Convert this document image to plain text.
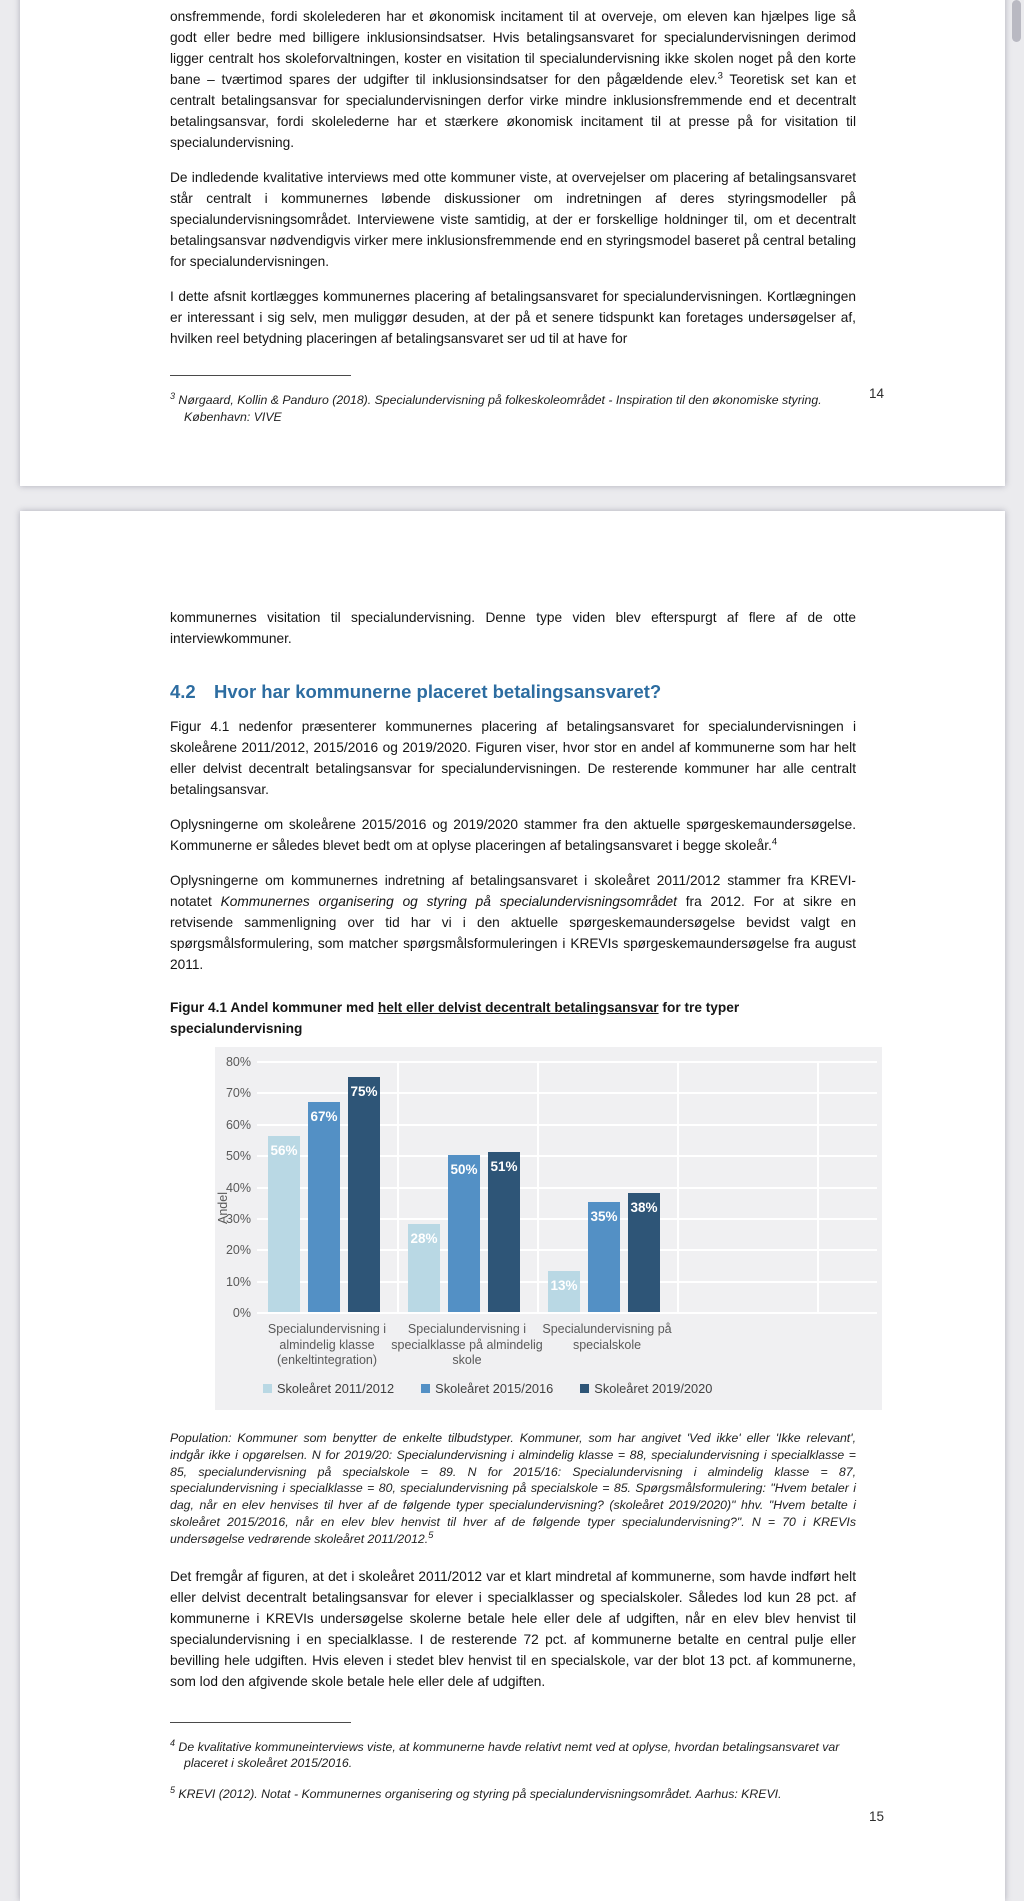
onsfremmende, fordi skolelederen har et økonomisk incitament til at overveje, om eleven kan hjælpes lige så godt eller bedre med billigere inklusionsindsatser. Hvis betalingsansvaret for specialundervisningen derimod ligger centralt hos skoleforvaltningen, koster en visitation til specialundervisning ikke skolen noget på den korte bane – tværtimod spares der udgifter til inklusionsindsatser for den pågældende elev.$^3$ Teoretisk set kan et centralt betalingsansvar for specialundervisningen derfor virke mindre inklusionsfremmende end et decentralt betalingsansvar, fordi skolelederne har et stærkere økonomisk incitament til at presse på for visitation til specialundervisning.

De indledende kvalitative interviews med otte kommuner viste, at overvejelser om placering af betalingsansvaret står centralt i kommunernes løbende diskussioner om indretningen af deres styringsmodeller på specialundervisningsområdet. Interviewene viste samtidig, at der er forskellige holdninger til, om et decentralt betalingsansvar nødvendigvis virker mere inklusionsfremmende end en styringsmodel baseret på central betaling for specialundervisningen.

I dette afsnit kortlægges kommunernes placering af betalingsansvaret for specialundervisningen. Kortlægningen er interessant i sig selv, men muliggør desuden, at der på et senere tidspunkt kan foretages undersøgelser af, hvilken reel betydning placeringen af betalingsansvaret ser ud til at have for

$^3$ Nørgaard, Kollin & Panduro (2018). Specialundervisning på folkeskoleområdet - Inspiration til den økonomiske styring. København: VIVE

14

kommunernes visitation til specialundervisning. Denne type viden blev efterspurgt af flere af de otte interviewkommuner.

4.2 Hvor har kommunerne placeret betalingsansvaret?

Figur 4.1 nedenfor præsenterer kommunernes placering af betalingsansvaret for specialundervisningen i skoleårene 2011/2012, 2015/2016 og 2019/2020. Figuren viser, hvor stor en andel af kommunerne som har helt eller delvist decentralt betalingsansvar for specialundervisningen. De resterende kommuner har alle centralt betalingsansvar.

Oplysningerne om skoleårene 2015/2016 og 2019/2020 stammer fra den aktuelle spørgeskemaundersøgelse. Kommunerne er således blevet bedt om at oplyse placeringen af betalingsansvaret i begge skoleår.$^4$

Oplysningerne om kommunernes indretning af betalingsansvaret i skoleåret 2011/2012 stammer fra KREVI-notatet Kommunernes organisering og styring på specialundervisningsområdet fra 2012. For at sikre en retvisende sammenligning over tid har vi i den aktuelle spørgeskemaundersøgelse bevidst valgt en spørgsmålsformulering, som matcher spørgsmålsformuleringen i KREVIs spørgeskemaundersøgelse fra august 2011.

Figur 4.1 Andel kommuner med helt eller delvist decentralt betalingsansvar for tre typer specialundervisning

0%
10%
20%
30%
40%
50%
60%
70%
80%
Andel
56%
67%
75%
Specialundervisning i almindelig klasse (enkeltintegration)
28%
50% 51%
Specialundervisning i specialklasse på almindelig skole
13%
35%
38%
Specialundervisning på specialskole
Skoleåret 2011/2012	Skoleåret 2015/2016	Skoleåret 2019/2020

Population: Kommuner som benytter de enkelte tilbudstyper. Kommuner, som har angivet 'Ved ikke' eller 'Ikke relevant', indgår ikke i opgørelsen. N for 2019/20: Specialundervisning i almindelig klasse = 88, specialundervisning i specialklasse = 85, specialundervisning på specialskole = 89. N for 2015/16: Specialundervisning i almindelig klasse = 87, specialundervisning i specialklasse = 80, specialundervisning på specialskole = 85. Spørgsmålsformulering: "Hvem betaler i dag, når en elev henvises til hver af de følgende typer specialundervisning? (skoleåret 2019/2020)" hhv. "Hvem betalte i skoleåret 2015/2016, når en elev blev henvist til hver af de følgende typer specialundervisning?". N = 70 i KREVIs undersøgelse vedrørende skoleåret 2011/2012.$^5$

Det fremgår af figuren, at det i skoleåret 2011/2012 var et klart mindretal af kommunerne, som havde indført helt eller delvist decentralt betalingsansvar for elever i specialklasser og specialskoler. Således lod kun 28 pct. af kommunerne i KREVIs undersøgelse skolerne betale hele eller dele af udgiften, når en elev blev henvist til specialundervisning i en specialklasse. I de resterende 72 pct. af kommunerne betalte en central pulje eller bevilling hele udgiften. Hvis eleven i stedet blev henvist til en specialskole, var der blot 13 pct. af kommunerne, som lod den afgivende skole betale hele eller dele af udgiften.

$^4$ De kvalitative kommuneinterviews viste, at kommunerne havde relativt nemt ved at oplyse, hvordan betalingsansvaret var placeret i skoleåret 2015/2016.

$^5$ KREVI (2012). Notat - Kommunernes organisering og styring på specialundervisningsområdet. Aarhus: KREVI.

15
